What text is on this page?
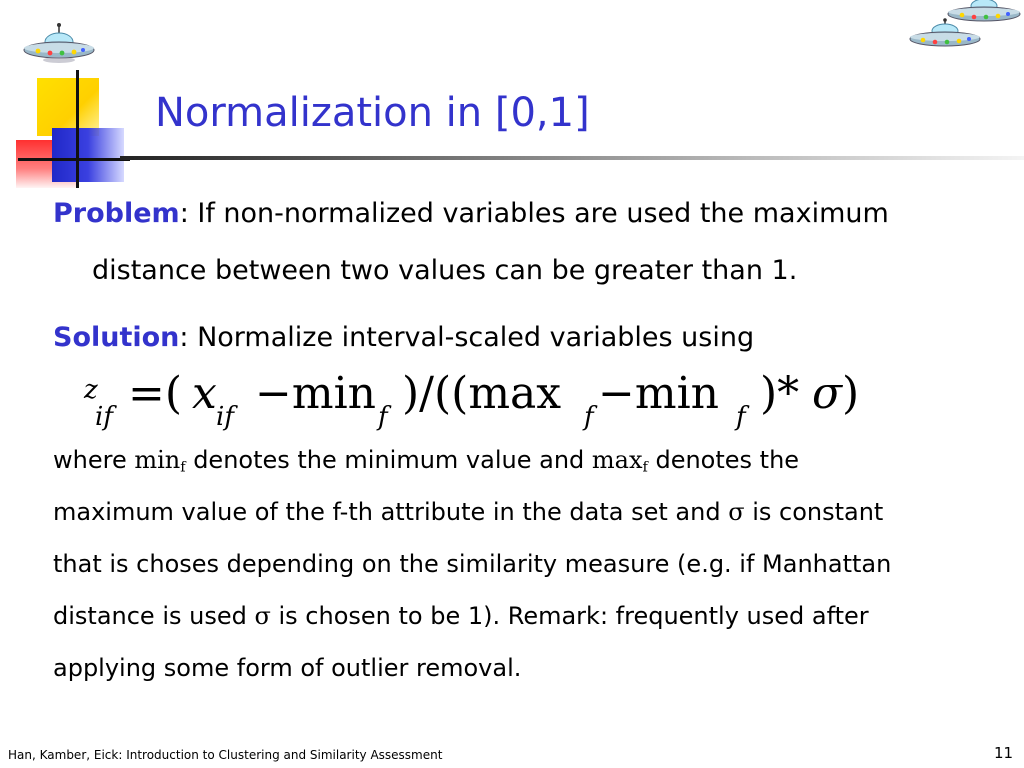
Normalization in [0,1]
Problem: If non-normalized variables are used the maximum
distance between two values can be greater than 1.
Solution: Normalize interval-scaled variables using
z
if =( x if −min f )/((max f −min f )* σ )
where $\min_f$ denotes the minimum value and $\max_f$ denotes the
maximum value of the f-th attribute in the data set and σ is constant
that is choses depending on the similarity measure (e.g. if Manhattan
distance is used σ is chosen to be 1). Remark: frequently used after
applying some form of outlier removal.
Han, Kamber, Eick: Introduction to Clustering and Similarity Assessment	11
